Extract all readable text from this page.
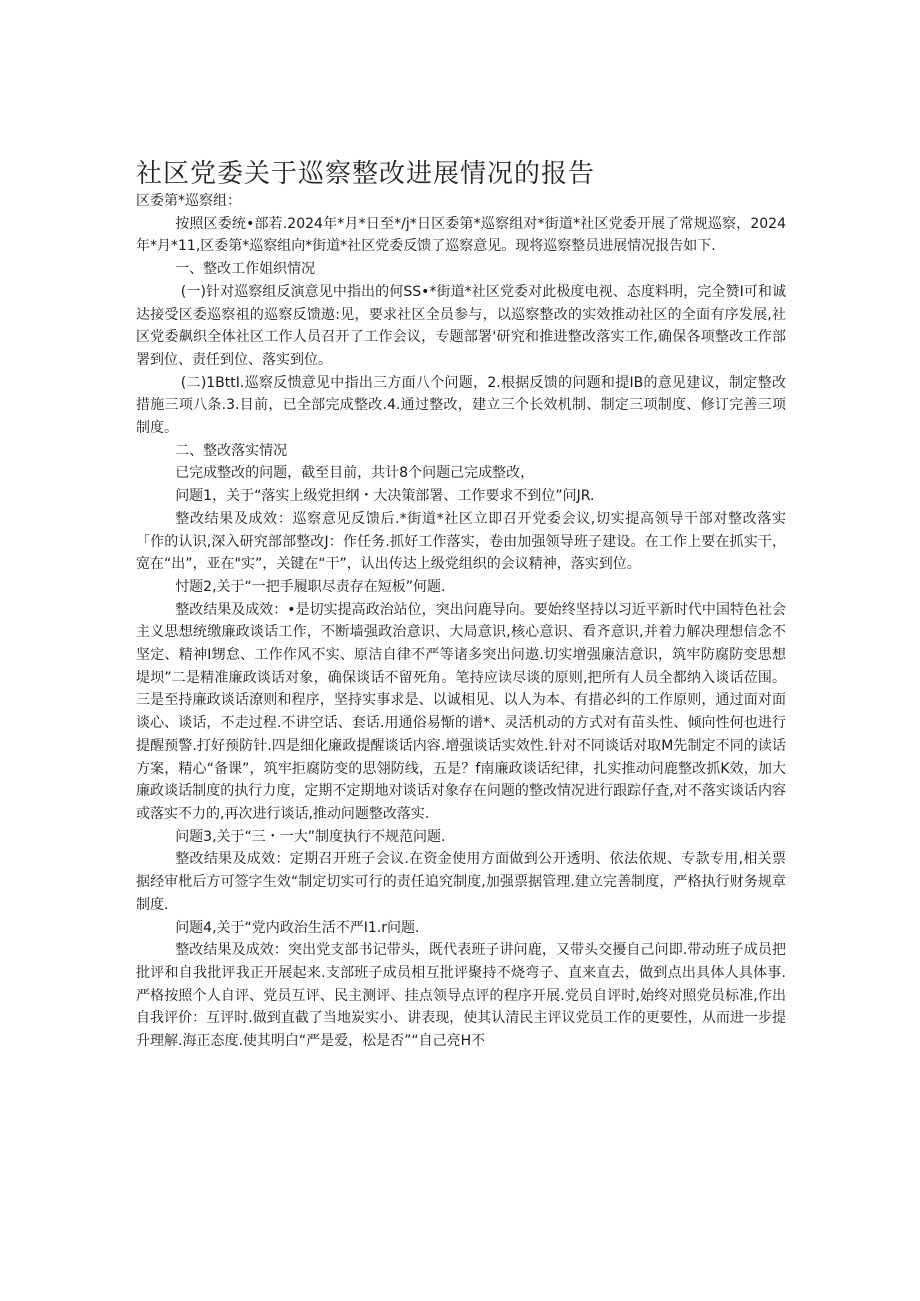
社区党委关于巡察整改进展情况的报告

区委第*巡察组：

按照区委统•部若.2024年*月*日至*/j*日区委第*巡察组对*街道*社区党委开展了常规巡察，2024年*月*11,区委第*巡察组向*街道*社区党委反馈了巡察意见。现将巡察整员进展情况报告如下.

一、整改工作姐织情况

(一)针对巡察组反演意见中指出的何SS•*街道*社区党委对此极度电视、态度料明，完全赞I可和诚达接受区委巡察祖的巡察反馈遨:见，要求社区全员参与，以巡察整改的实效推动社区的全面有序发展,社区党委飙织全体社区工作人员召开了工作会议，专题部署'研究和推进整改落实工作,确保各项整改工作部署到位、责任到位、落实到位。

(二)1BttI.巡察反愦意见中指出三方面八个问题，2.根据反馈的问题和提IB的意见建议，制定整改措施三项八条.3.目前，已全部完成整改.4.通过整改，建立三个长效机制、制定三项制度、修订完善三项制度。

二、整改落实情况

已完成整改的问题，截至目前，共计8个问题己完成整改，

问题1，关于“落实上级党担纲・大决策部署、工作要求不到位”问JR.

整改结果及成效：巡察意见反馈后.*街道*社区立即召开党委会议,切实提高领导干部对整改落实「作的认识,深入研究部部整改J：作任务.抓好工作落实，卷由加强领导班子建设。在工作上要在抓实干，宽在“出”，亚在"实”，关键在“干”，认出传达上级党组织的会议精神，落实到位。

忖题2,关于“一把手履职尽责存在短板”何题.

整改结果及成效：•是切实提高政治站位，突出问鹿导向。要始终坚持以习近平新时代中国特色社会主义思想统缴廉政谈话工作，不断墙强政治意识、大局意识,核心意识、看齐意识,并着力解决理想信念不坚定、精神I甥怠、工作作风不实、原洁自律不严等诸多突出问遨.切实增强廉洁意识，筑牢防腐防变思想堤坝”二是精准廉政谈话对象，确保谈话不留死角。笔持应读尽谈的原则,把所有人员全都纳入谈话莅围。三是至持廉政谈话潦则和程序，坚持实事求是、以诚相见、以人为本、有措必纠的工作原则，通过面对面谈心、谈话，不走过程.不讲空话、套话.用通俗易惭的谱*、灵活机动的方式对有苗头性、倾向性何也进行提醒预警.打好预防针.四是细化廉政提醒谈话内容.增强谈话实效性.针对不同谈话对取M先制定不同的读话方案，精心“备课”，筑牢拒腐防变的思翎防线，五是？f南廉政谈话纪律，扎实推动问鹿整改抓K效，加大廉政谈话制度的执行力度，定期不定期地对谈话对象存在问题的整改情况进行跟踪仔査,对不落实谈话内容或落实不力的,再次进行谈话,推动问题整改落实.

问题3,关于“三・一大”制度执行不规范问题.

整改结果及成效：定期召开班子会议.在资金使用方面做到公开透明、依法依规、专款专用,相关票据经审枇后方可签字生效“制定切实可行的责任追究制度,加强票据管理.建立完善制度，严格执行财务规章制度.

问题4,关于“党内政治生活不严I1.r问题.

整改结果及成效：突出党支部书记带头，既代表班子讲问鹿，又带头交擾自己问即.带动班子成员把批评和自我批评我正开展起来.支部班子成员相互批评聚持不烧弯子、直来直去，做到点出具体人具体事.严格按照个人自评、党员互评、民主测评、挂点领导点评的程序开展.党员自评时,始终对照党员标准,作出自我评价：互评时.做到直截了当地炭实小、讲表现，使其认清民主评议党员工作的更要性，从而进一步提升理解.海正态度.使其明白“严是爱，松是否”“自己亮H不
